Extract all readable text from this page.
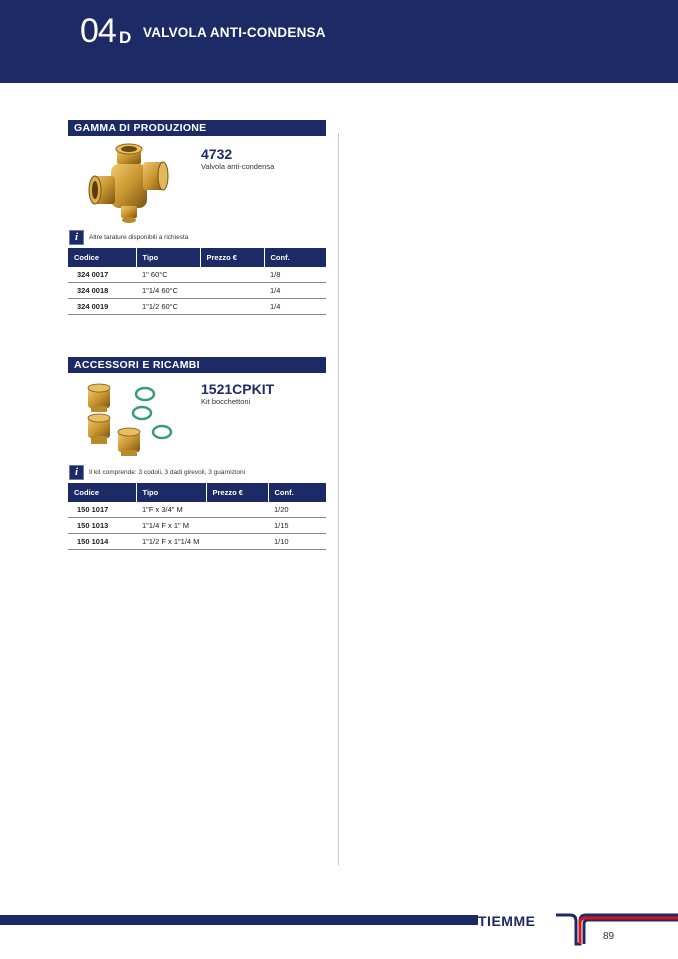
04 D VALVOLA ANTI-CONDENSA
GAMMA DI PRODUZIONE
4732
Valvola anti-condensa
i	Altre tarature disponibili a richiesta
Codice	Tipo	Prezzo €	Conf.
324 0017	1" 60°C		1/8
324 0018	1"1/4 60°C		1/4
324 0019	1"1/2 60°C		1/4
ACCESSORI E RICAMBI
1521CPKIT
Kit bocchettoni
i	Il kit comprende: 3 codoli, 3 dadi girevoli, 3 guarnizioni
Codice	Tipo	Prezzo €	Conf.
150 1017	1"F x 3/4" M		1/20
150 1013	1"1/4 F x 1" M		1/15
150 1014	1"1/2 F x 1"1/4 M		1/10
TIEMME
89
